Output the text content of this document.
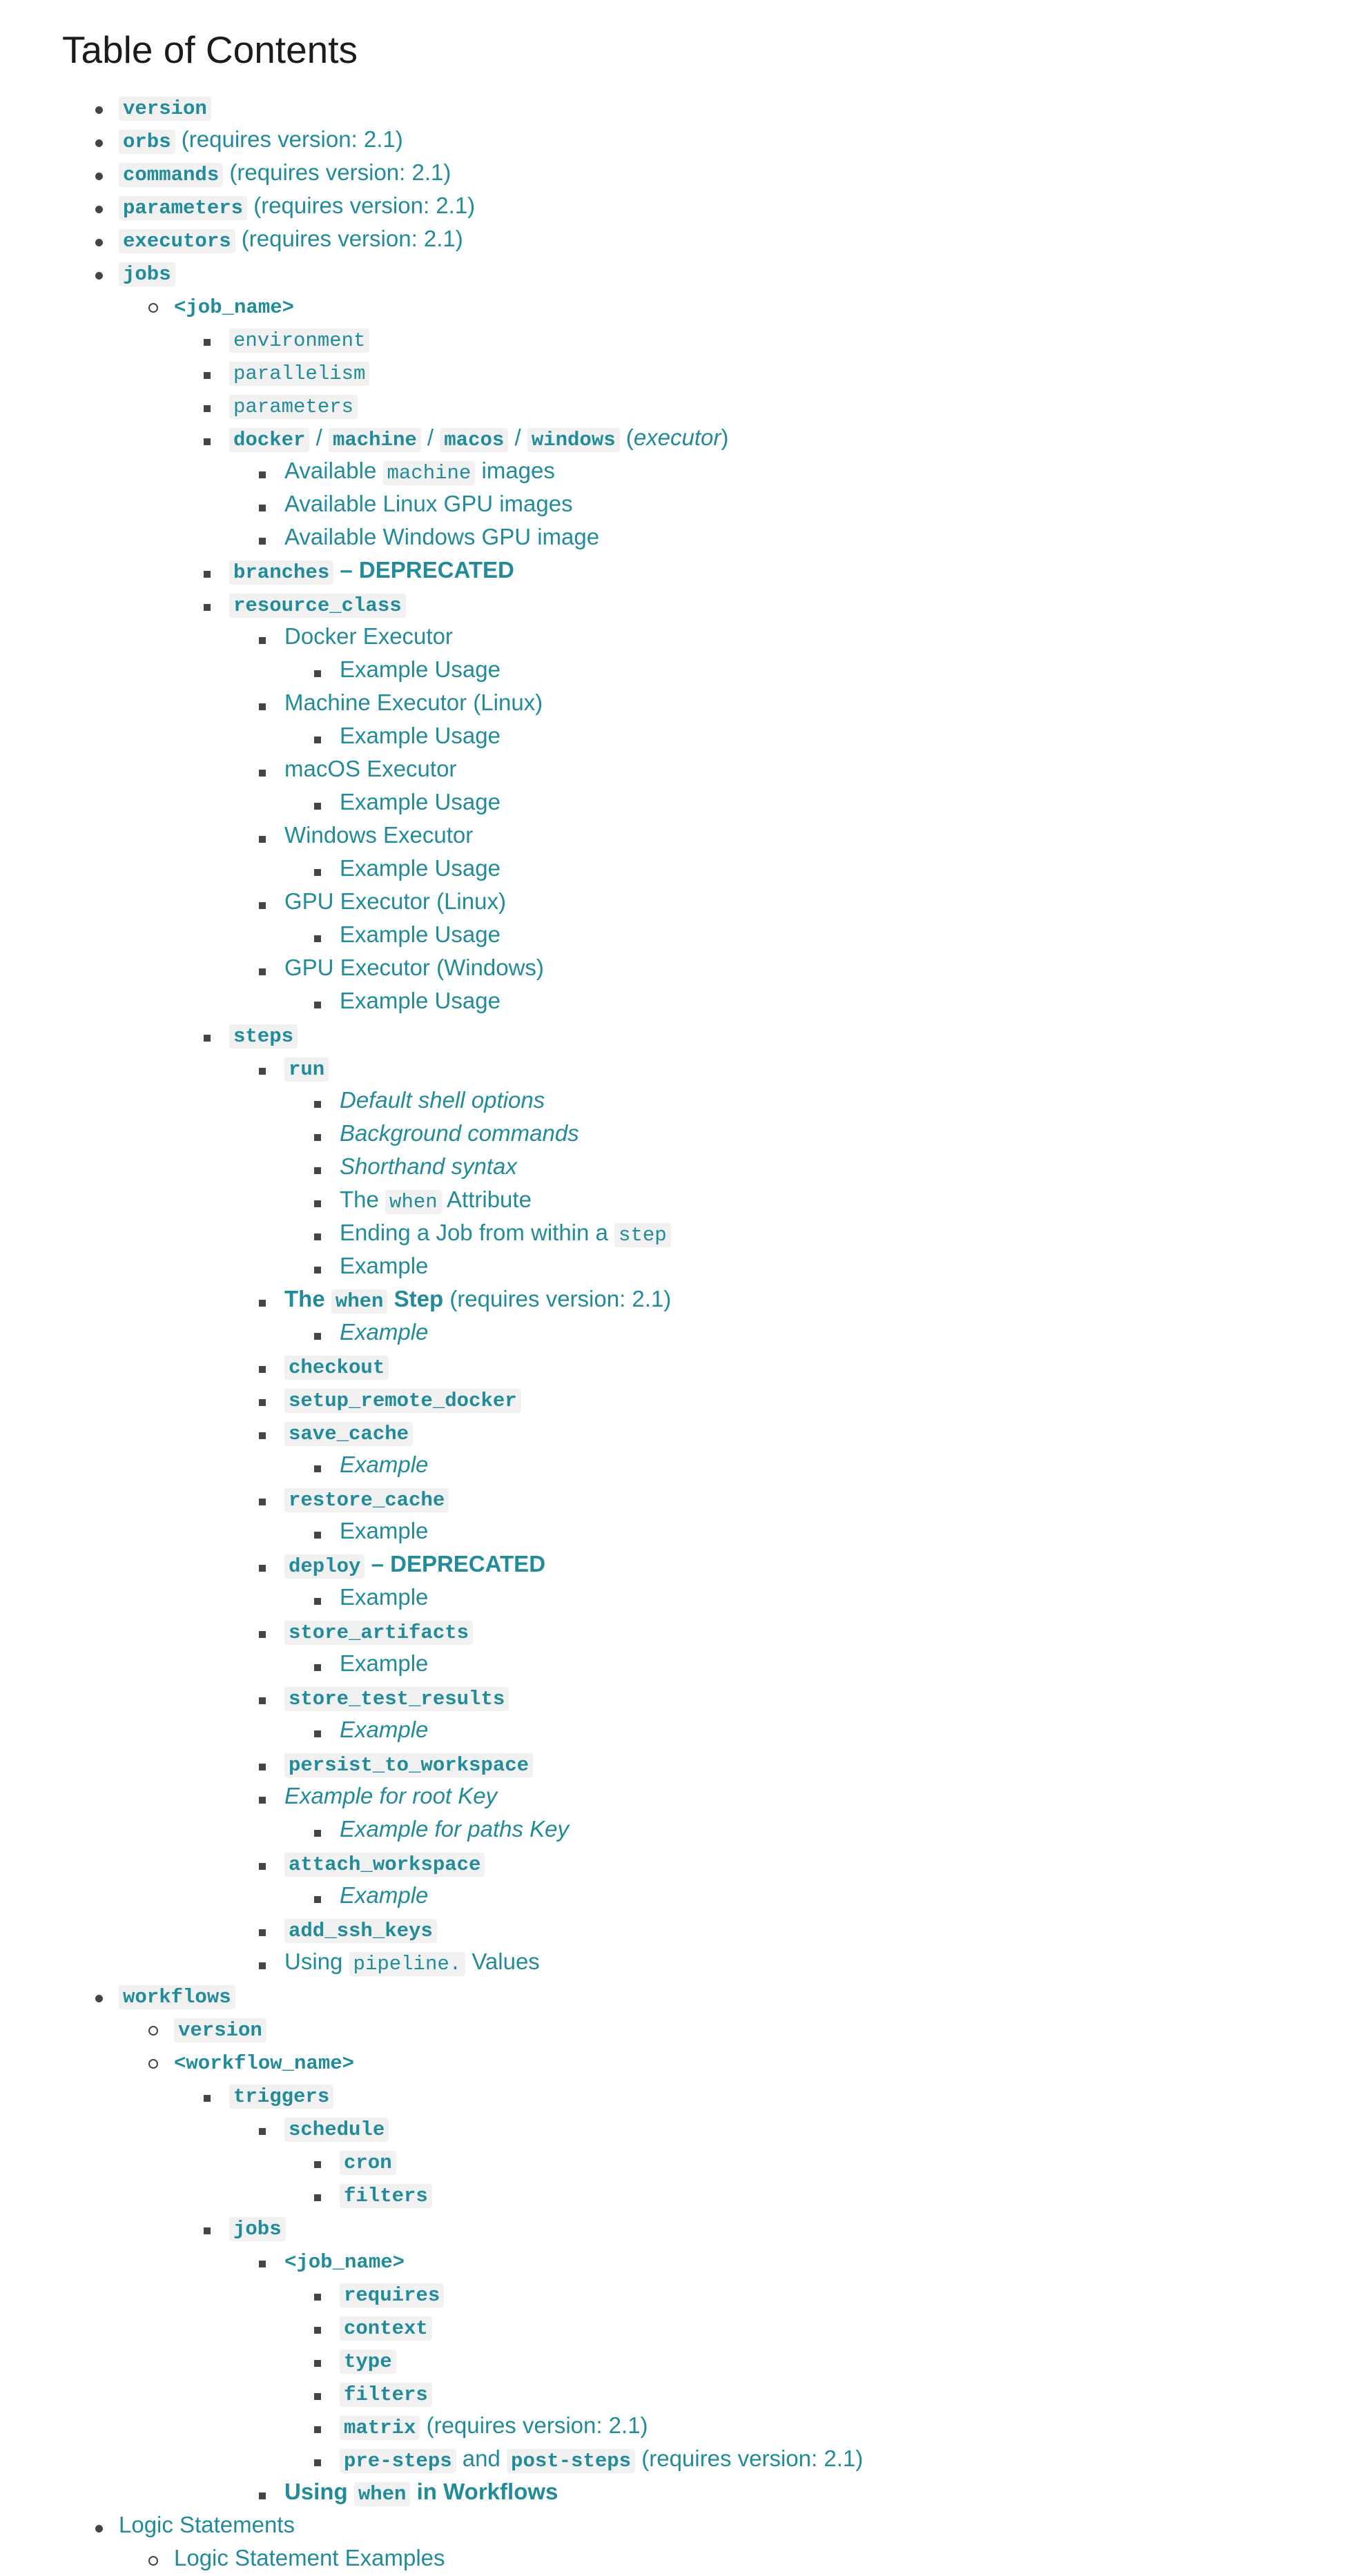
Table of Contents
version
orbs (requires version: 2.1)
commands (requires version: 2.1)
parameters (requires version: 2.1)
executors (requires version: 2.1)
jobs
<job_name>
environment
parallelism
parameters
docker / machine / macos / windows (executor)
Available machine images
Available Linux GPU images
Available Windows GPU image
branches – DEPRECATED
resource_class
Docker Executor
Example Usage
Machine Executor (Linux)
Example Usage
macOS Executor
Example Usage
Windows Executor
Example Usage
GPU Executor (Linux)
Example Usage
GPU Executor (Windows)
Example Usage
steps
run
Default shell options
Background commands
Shorthand syntax
The when Attribute
Ending a Job from within a step
Example
The when Step (requires version: 2.1)
Example
checkout
setup_remote_docker
save_cache
Example
restore_cache
Example
deploy – DEPRECATED
Example
store_artifacts
Example
store_test_results
Example
persist_to_workspace
Example for root Key
Example for paths Key
attach_workspace
Example
add_ssh_keys
Using pipeline. Values
workflows
version
<workflow_name>
triggers
schedule
cron
filters
jobs
<job_name>
requires
context
type
filters
matrix (requires version: 2.1)
pre-steps and post-steps (requires version: 2.1)
Using when in Workflows
Logic Statements
Logic Statement Examples
